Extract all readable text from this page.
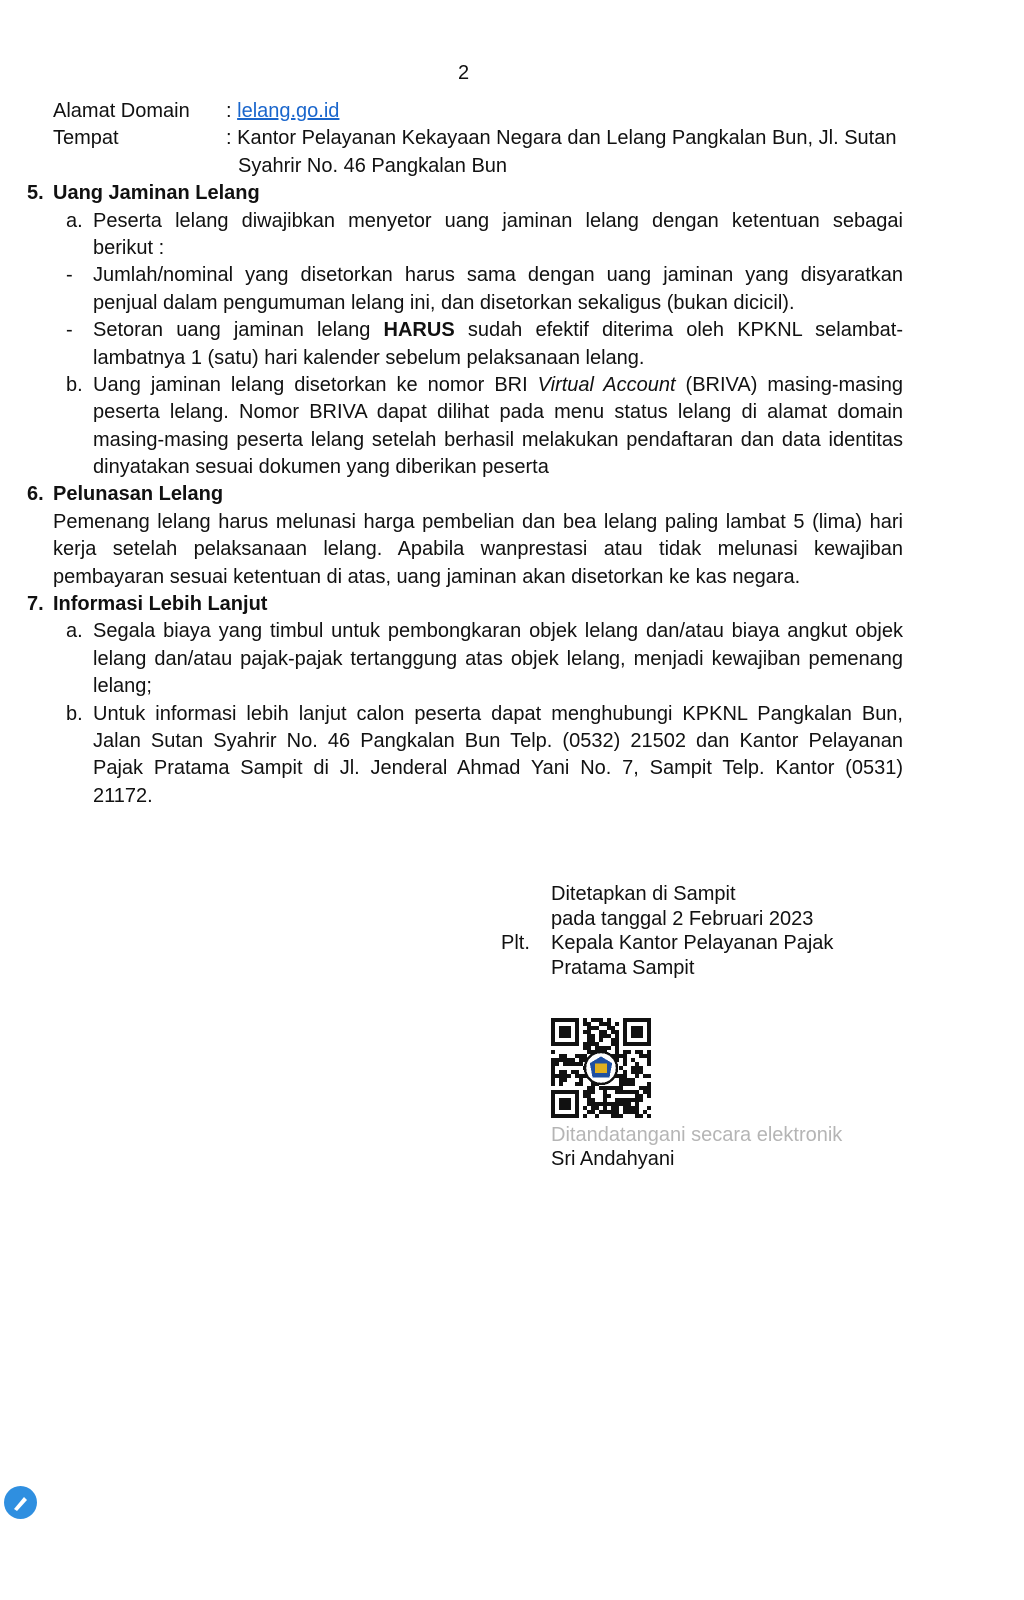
2
Alamat Domain : lelang.go.id
Tempat	: Kantor Pelayanan Kekayaan Negara dan Lelang Pangkalan Bun, Jl. Sutan
Syahrir No. 46 Pangkalan Bun
5. Uang Jaminan Lelang
a. Peserta lelang diwajibkan menyetor uang jaminan lelang dengan ketentuan sebagai
berikut :
- Jumlah/nominal yang disetorkan harus sama dengan uang jaminan yang disyaratkan
penjual dalam pengumuman lelang ini, dan disetorkan sekaligus (bukan dicicil).
- Setoran uang jaminan lelang HARUS sudah efektif diterima oleh KPKNL selambat-
lambatnya 1 (satu) hari kalender sebelum pelaksanaan lelang.
b. Uang jaminan lelang disetorkan ke nomor BRI Virtual Account (BRIVA) masing-masing
peserta lelang. Nomor BRIVA dapat dilihat pada menu status lelang di alamat domain
masing-masing peserta lelang setelah berhasil melakukan pendaftaran dan data identitas
dinyatakan sesuai dokumen yang diberikan peserta
6. Pelunasan Lelang
Pemenang lelang harus melunasi harga pembelian dan bea lelang paling lambat 5 (lima) hari
kerja setelah pelaksanaan lelang. Apabila wanprestasi atau tidak melunasi kewajiban
pembayaran sesuai ketentuan di atas, uang jaminan akan disetorkan ke kas negara.
7. Informasi Lebih Lanjut
a. Segala biaya yang timbul untuk pembongkaran objek lelang dan/atau biaya angkut objek
lelang dan/atau pajak-pajak tertanggung atas objek lelang, menjadi kewajiban pemenang
lelang;
b. Untuk informasi lebih lanjut calon peserta dapat menghubungi KPKNL Pangkalan Bun,
Jalan Sutan Syahrir No. 46 Pangkalan Bun Telp. (0532) 21502 dan Kantor Pelayanan
Pajak Pratama Sampit di Jl. Jenderal Ahmad Yani No. 7, Sampit Telp. Kantor (0531)
21172.
Ditetapkan di Sampit
pada tanggal 2 Februari 2023
Plt. Kepala Kantor Pelayanan Pajak
Pratama Sampit
Ditandatangani secara elektronik
Sri Andahyani
